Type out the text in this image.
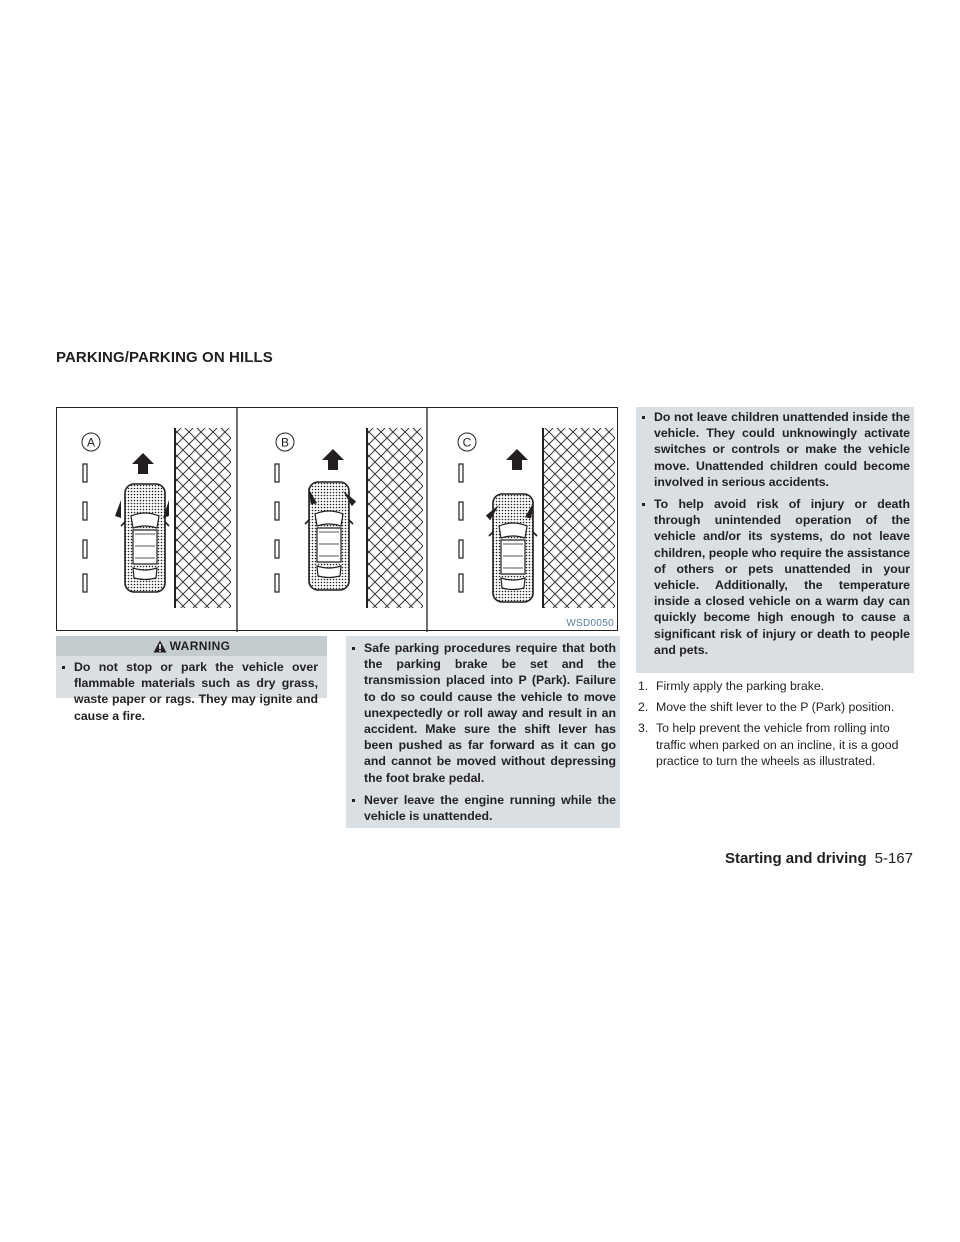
PARKING/PARKING ON HILLS
A	B	C
WSD0050
WARNING
Do not stop or park the vehicle over flammable materials such as dry grass, waste paper or rags. They may ignite and cause a fire.
Safe parking procedures require that both the parking brake be set and the transmission placed into P (Park). Failure to do so could cause the vehicle to move unexpectedly or roll away and result in an accident. Make sure the shift lever has been pushed as far forward as it can go and cannot be moved without depressing the foot brake pedal.
Never leave the engine running while the vehicle is unattended.
Do not leave children unattended inside the vehicle. They could unknowingly activate switches or controls or make the vehicle move. Unattended children could become involved in serious accidents.
To help avoid risk of injury or death through unintended operation of the vehicle and/or its systems, do not leave children, people who require the assistance of others or pets unattended in your vehicle. Additionally, the temperature inside a closed vehicle on a warm day can quickly become high enough to cause a significant risk of injury or death to people and pets.
1. Firmly apply the parking brake.
2. Move the shift lever to the P (Park) position.
3. To help prevent the vehicle from rolling into traffic when parked on an incline, it is a good practice to turn the wheels as illustrated.
Starting and driving 5-167
